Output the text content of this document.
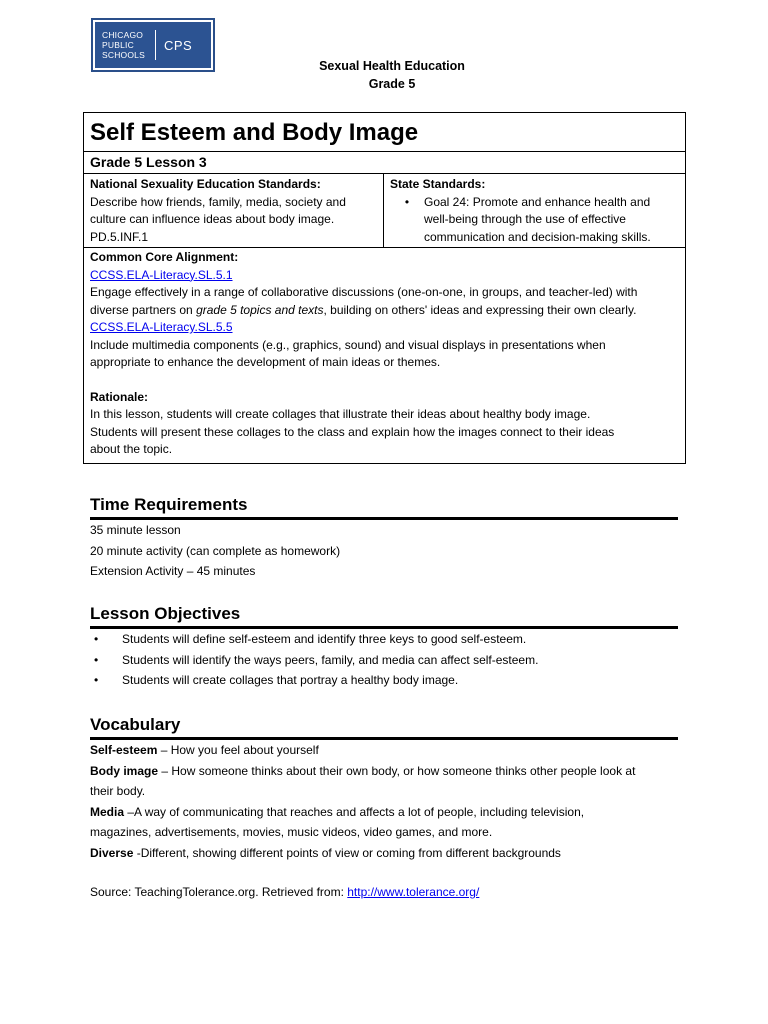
CHICAGO
PUBLIC
SCHOOLS
CPS
Sexual Health Education
Grade 5
Self Esteem and Body Image
Grade 5 Lesson 3
National Sexuality Education Standards:
Describe how friends, family, media, society and
culture can influence ideas about body image.
PD.5.INF.1
State Standards:
•	Goal 24: Promote and enhance health and
well-being through the use of effective
communication and decision-making skills.
Common Core Alignment:
CCSS.ELA-Literacy.SL.5.1
Engage effectively in a range of collaborative discussions (one-on-one, in groups, and teacher-led) with
diverse partners on grade 5 topics and texts, building on others' ideas and expressing their own clearly.
CCSS.ELA-Literacy.SL.5.5
Include multimedia components (e.g., graphics, sound) and visual displays in presentations when
appropriate to enhance the development of main ideas or themes.
Rationale:
In this lesson, students will create collages that illustrate their ideas about healthy body image.
Students will present these collages to the class and explain how the images connect to their ideas
about the topic.
Time Requirements
35 minute lesson
20 minute activity (can complete as homework)
Extension Activity – 45 minutes
Lesson Objectives
•	Students will define self-esteem and identify three keys to good self-esteem.
•	Students will identify the ways peers, family, and media can affect self-esteem.
•	Students will create collages that portray a healthy body image.
Vocabulary
Self-esteem – How you feel about yourself
Body image – How someone thinks about their own body, or how someone thinks other people look at
their body.
Media –A way of communicating that reaches and affects a lot of people, including television,
magazines, advertisements, movies, music videos, video games, and more.
Diverse -Different, showing different points of view or coming from different backgrounds
Source: TeachingTolerance.org. Retrieved from: http://www.tolerance.org/
